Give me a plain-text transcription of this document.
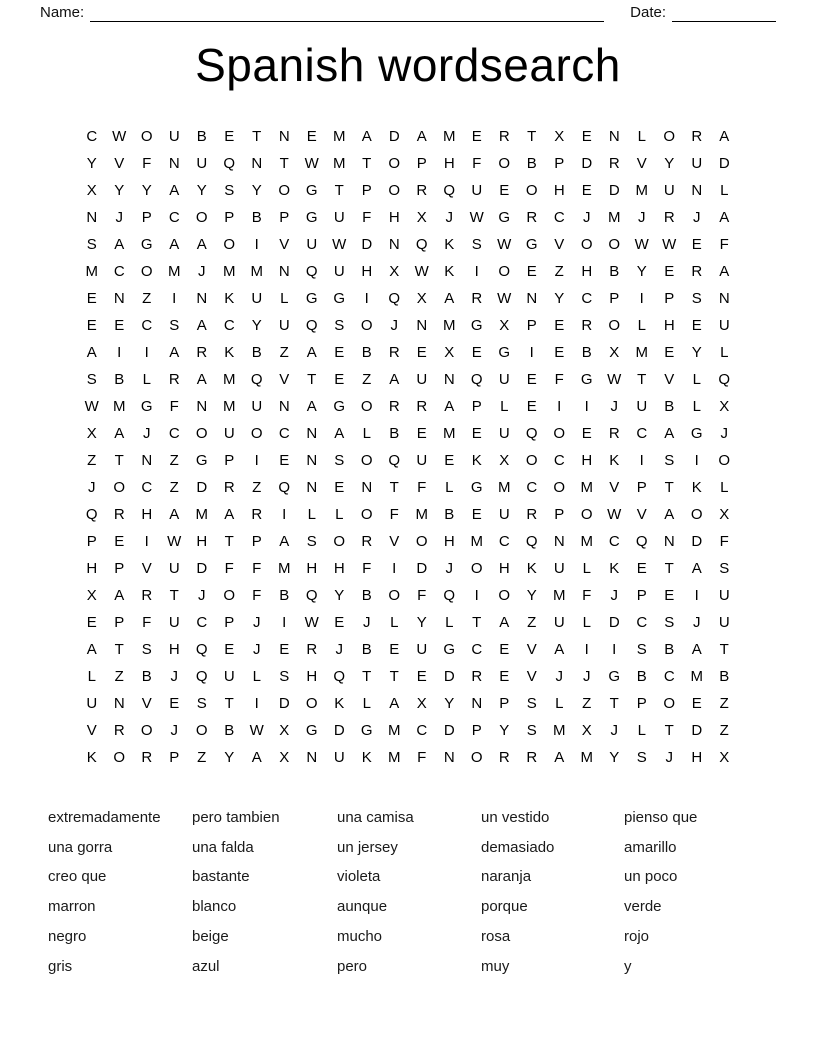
Name:	Date:
Spanish wordsearch
C W O	U	B	E	T	N	E	M	A	D	A	M	E	R	T	X	E	N	L	O	R	A
Y	V	F	N	U	Q	N	T	W M	T	O	P	H	F	O	B	P	D	R	V	Y	U	D
X	Y	Y	A	Y	S	Y	O	G	T	P	O	R	Q	U	E	O	H	E	D	M	U	N	L
N	J	P	C	O	P	B	P	G	U	F	H	X	J	W G	R	C	J	M	J	R	J	A
S	A	G	A	A	O	I	V	U W	D	N	Q	K	S	W G	V	O	O W W	E	F
M	C	O	M	J	M	M	N	Q	U	H	X	W	K	I	O	E	Z	H	B	Y	E	R	A
E	N	Z	I	N	K	U	L	G	G	I	Q	X	A	R W	N	Y	C	P	I	P	S	N
E	E	C	S	A	C	Y	U	Q	S	O	J	N	M	G	X	P	E	R	O	L	H	E	U
A	I	I	A	R	K	B	Z	A	E	B	R	E	X	E	G	I	E	B	X	M	E	Y	L
S	B	L	R	A	M	Q	V	T	E	Z	A	U	N	Q	U	E	F	G W	T	V	L	Q
W M	G	F	N	M	U	N	A	G	O	R	R	A	P	L	E	I	I	J	U	B	L	X
X	A	J	C	O	U	O	C	N	A	L	B	E	M	E	U	Q	O	E	R	C	A	G	J
Z	T	N	Z	G	P	I	E	N	S	O	Q	U	E	K	X	O	C	H	K	I	S	I	O
J	O	C	Z	D	R	Z	Q	N	E	N	T	F	L	G	M	C	O	M	V	P	T	K	L
Q	R	H	A	M	A	R	I	L	L	O	F	M	B	E	U	R	P	O W	V	A	O	X
P	E	I	W	H	T	P	A	S	O	R	V	O	H	M	C	Q	N	M	C	Q	N	D	F
H	P	V	U	D	F	F	M	H	H	F	I	D	J	O	H	K	U	L	K	E	T	A	S
X	A	R	T	J	O	F	B	Q	Y	B	O	F	Q	I	O	Y	M	F	J	P	E	I	U
E	P	F	U	C	P	J	I	W	E	J	L	Y	L	T	A	Z	U	L	D	C	S	J	U
A	T	S	H	Q	E	J	E	R	J	B	E	U	G	C	E	V	A	I	I	S	B	A	T
L	Z	B	J	Q	U	L	S	H	Q	T	T	E	D	R	E	V	J	J	G	B	C	M	B
U	N	V	E	S	T	I	D	O	K	L	A	X	Y	N	P	S	L	Z	T	P	O	E	Z
V	R	O	J	O	B	W	X	G	D	G	M	C	D	P	Y	S	M	X	J	L	T	D	Z
K	O	R	P	Z	Y	A	X	N	U	K	M	F	N	O	R	R	A	M	Y	S	J	H	X
extremadamente
una gorra
creo que
marron
negro
gris
pero tambien
una falda
bastante
blanco
beige
azul
una camisa
un jersey
violeta
aunque
mucho
pero
un vestido
demasiado
naranja
porque
rosa
muy
pienso que
amarillo
un poco
verde
rojo
y
